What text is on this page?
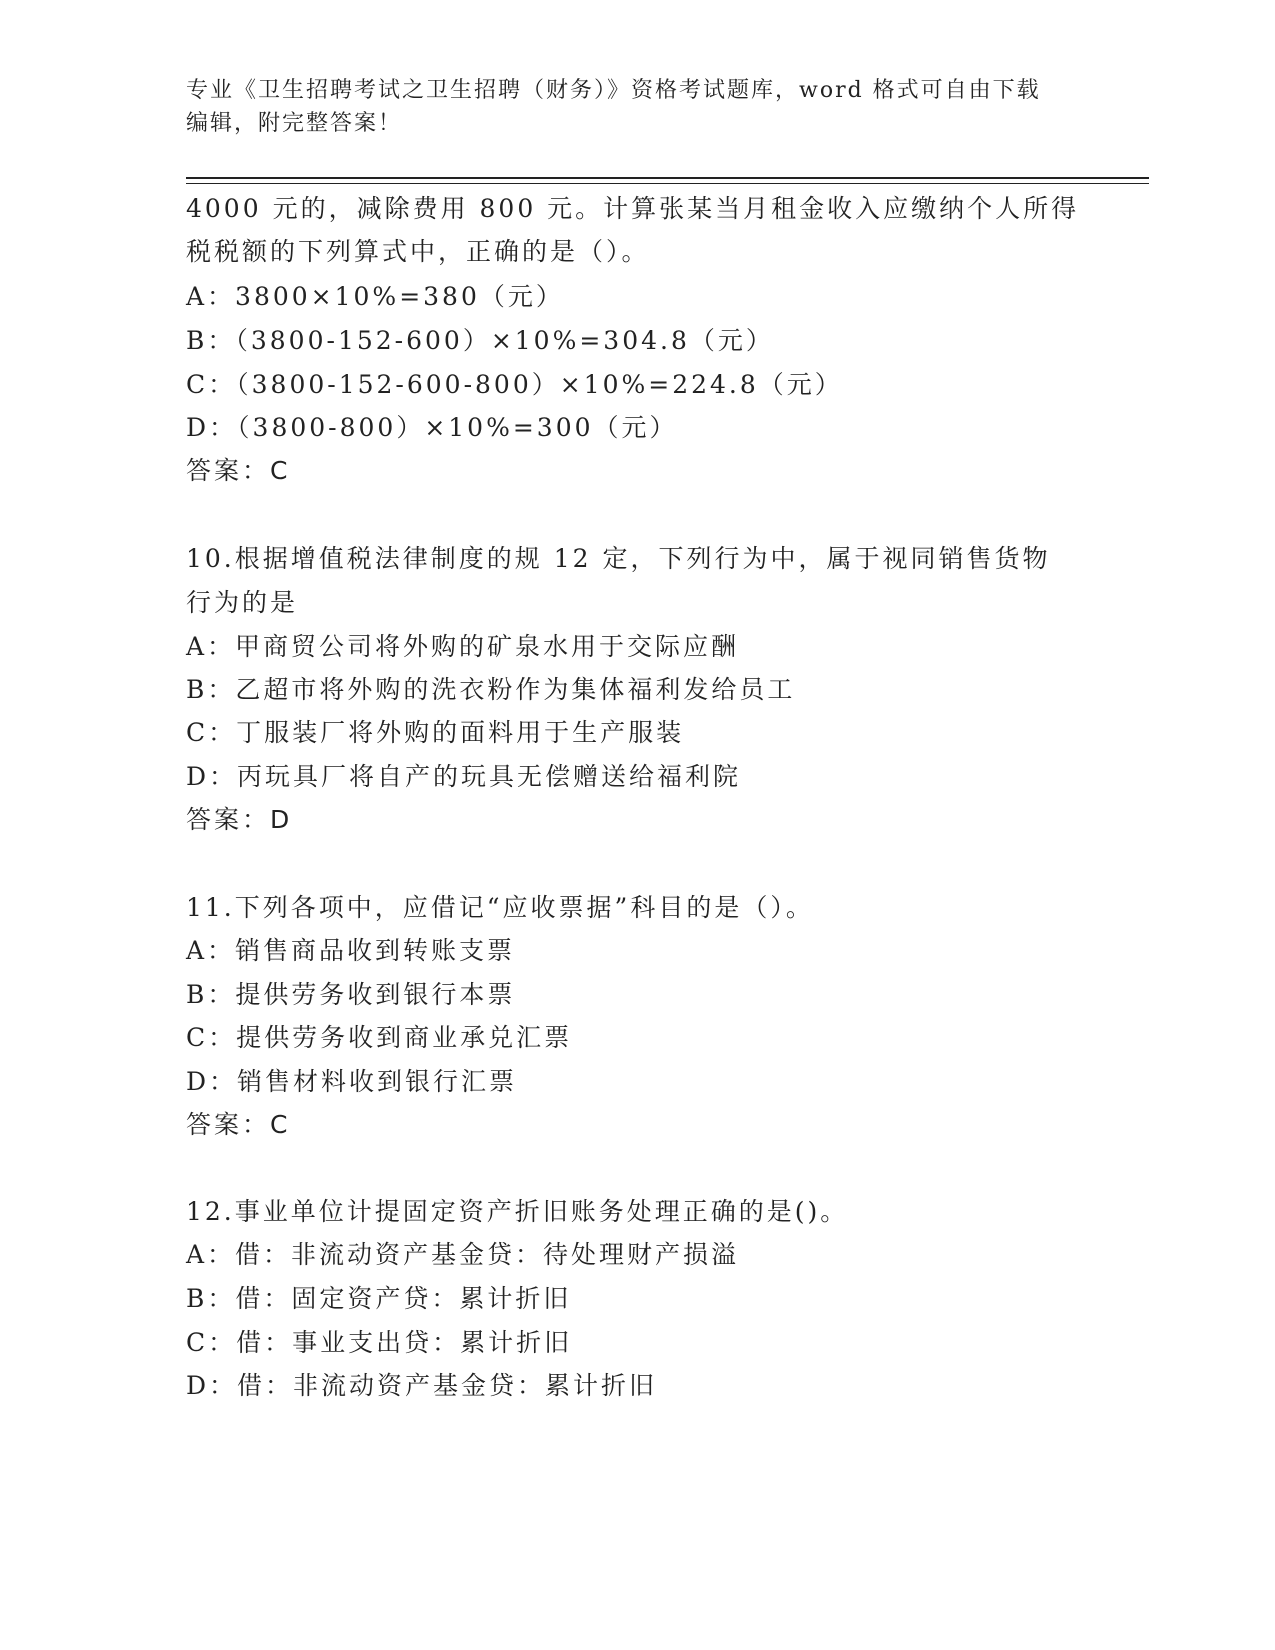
专业《卫生招聘考试之卫生招聘（财务）》资格考试题库，word 格式可自由下载
编辑，附完整答案！
4000 元的，减除费用 800 元。计算张某当月租金收入应缴纳个人所得
税税额的下列算式中，正确的是（）。
A：3800×10%=380（元）
B：（3800-152-600）×10%=304.8（元）
C：（3800-152-600-800）×10%=224.8（元）
D：（3800-800）×10%=300（元）
答案：C
10.根据增值税法律制度的规 12 定，下列行为中，属于视同销售货物
行为的是
A：甲商贸公司将外购的矿泉水用于交际应酬
B：乙超市将外购的洗衣粉作为集体福利发给员工
C：丁服装厂将外购的面料用于生产服装
D：丙玩具厂将自产的玩具无偿赠送给福利院
答案：D
11.下列各项中，应借记“应收票据”科目的是（）。
A：销售商品收到转账支票
B：提供劳务收到银行本票
C：提供劳务收到商业承兑汇票
D：销售材料收到银行汇票
答案：C
12.事业单位计提固定资产折旧账务处理正确的是()。
A：借：非流动资产基金贷：待处理财产损溢
B：借：固定资产贷：累计折旧
C：借：事业支出贷：累计折旧
D：借：非流动资产基金贷：累计折旧
